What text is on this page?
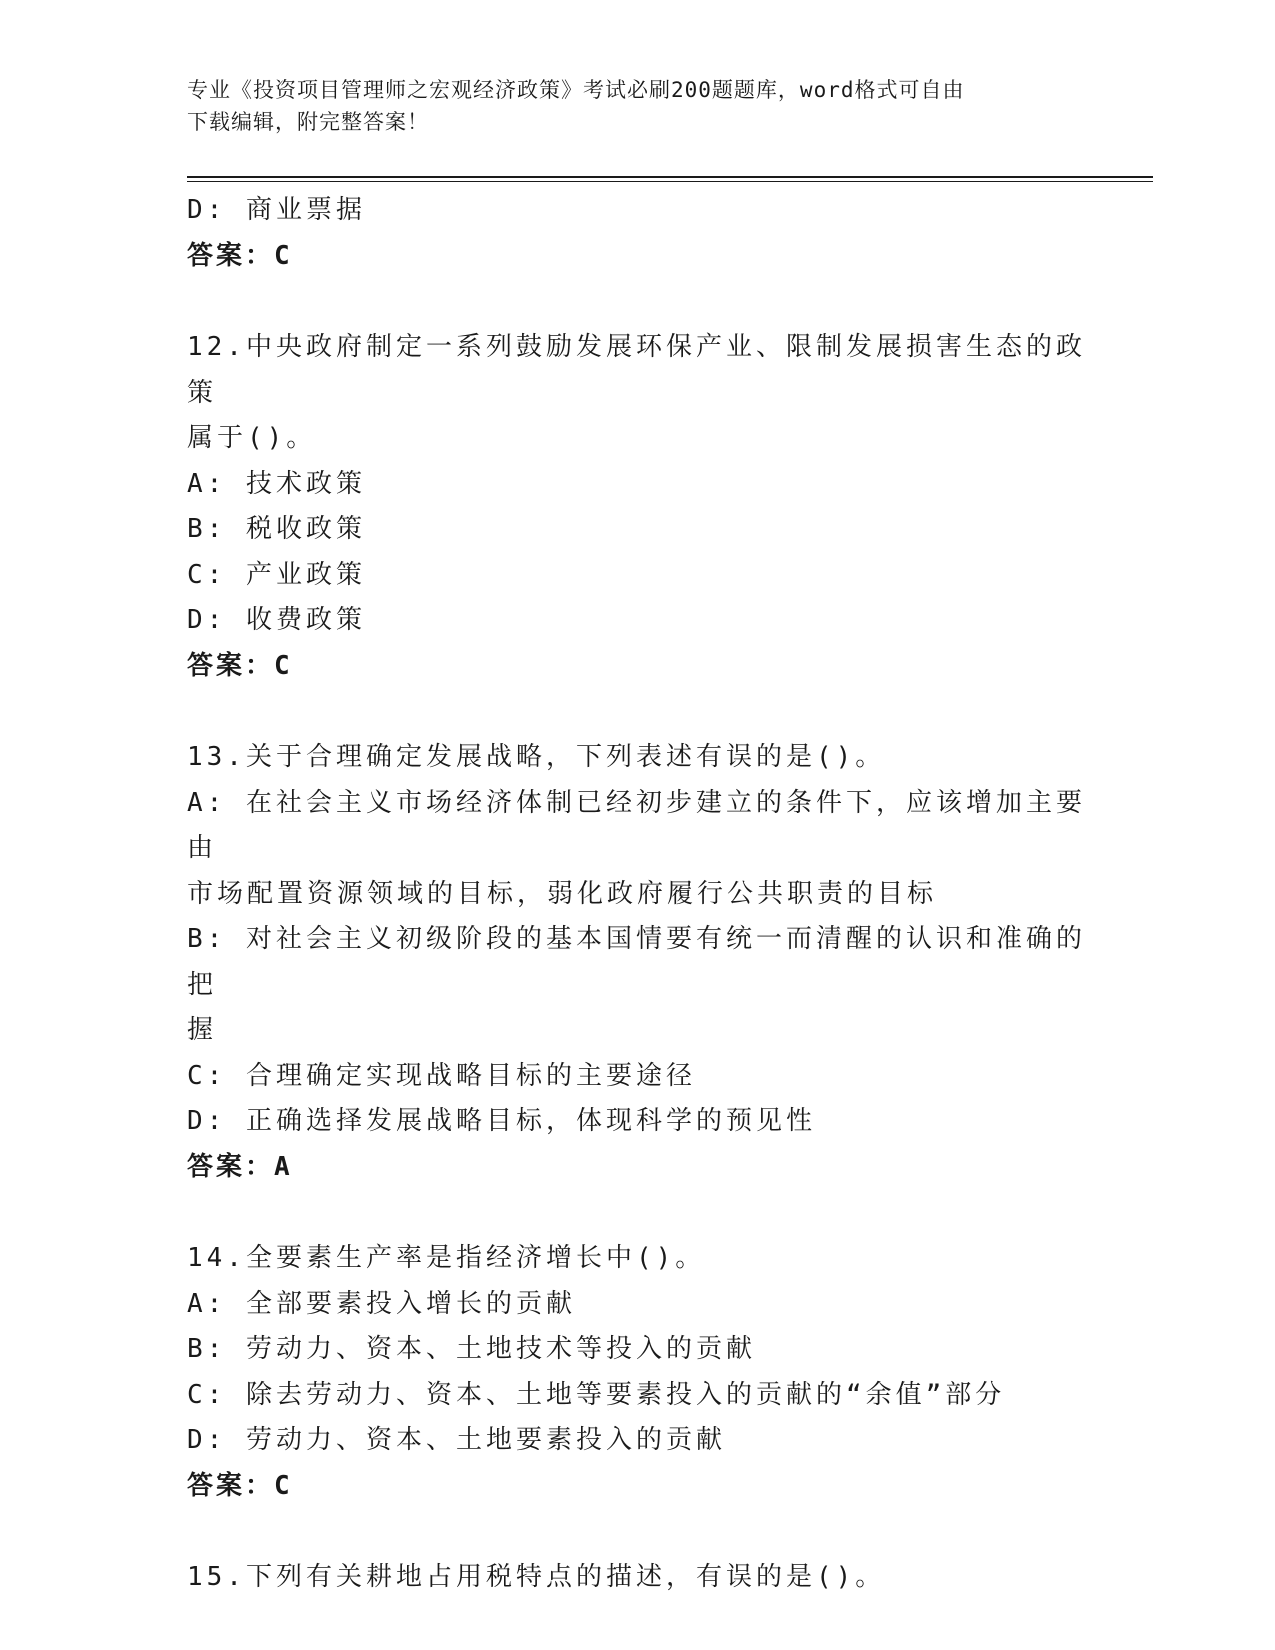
专业《投资项目管理师之宏观经济政策》考试必刷200题题库，word格式可自由
下载编辑，附完整答案！
D: 商业票据
答案：C
12.中央政府制定一系列鼓励发展环保产业、限制发展损害生态的政策
属于()。
A: 技术政策
B: 税收政策
C: 产业政策
D: 收费政策
答案：C
13.关于合理确定发展战略，下列表述有误的是()。
A: 在社会主义市场经济体制已经初步建立的条件下，应该增加主要由
市场配置资源领域的目标，弱化政府履行公共职责的目标
B: 对社会主义初级阶段的基本国情要有统一而清醒的认识和准确的把
握
C: 合理确定实现战略目标的主要途径
D: 正确选择发展战略目标，体现科学的预见性
答案：A
14.全要素生产率是指经济增长中()。
A: 全部要素投入增长的贡献
B: 劳动力、资本、土地技术等投入的贡献
C: 除去劳动力、资本、土地等要素投入的贡献的“余值”部分
D: 劳动力、资本、土地要素投入的贡献
答案：C
15.下列有关耕地占用税特点的描述，有误的是()。
